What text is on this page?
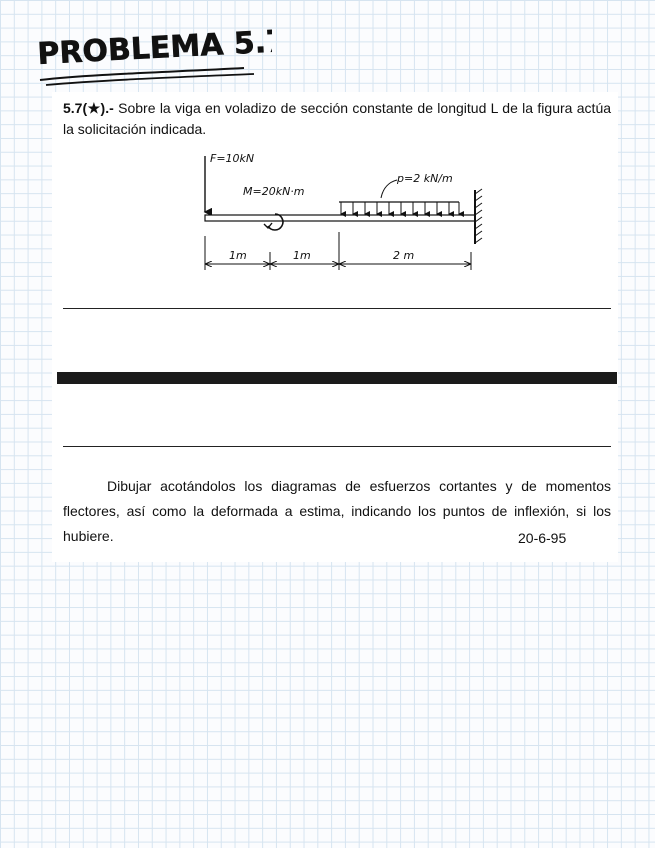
PROBLEMA 5.7
5.7(★).- Sobre la viga en voladizo de sección constante de longitud L de la figura actúa la solicitación indicada.
F=10kN
M=20kN·m
p=2 kN/m
1m	1m	2 m
Dibujar acotándolos los diagramas de esfuerzos cortantes y de momentos flectores, así como la deformada a estima, indicando los puntos de inflexión, si los hubiere.	20-6-95
